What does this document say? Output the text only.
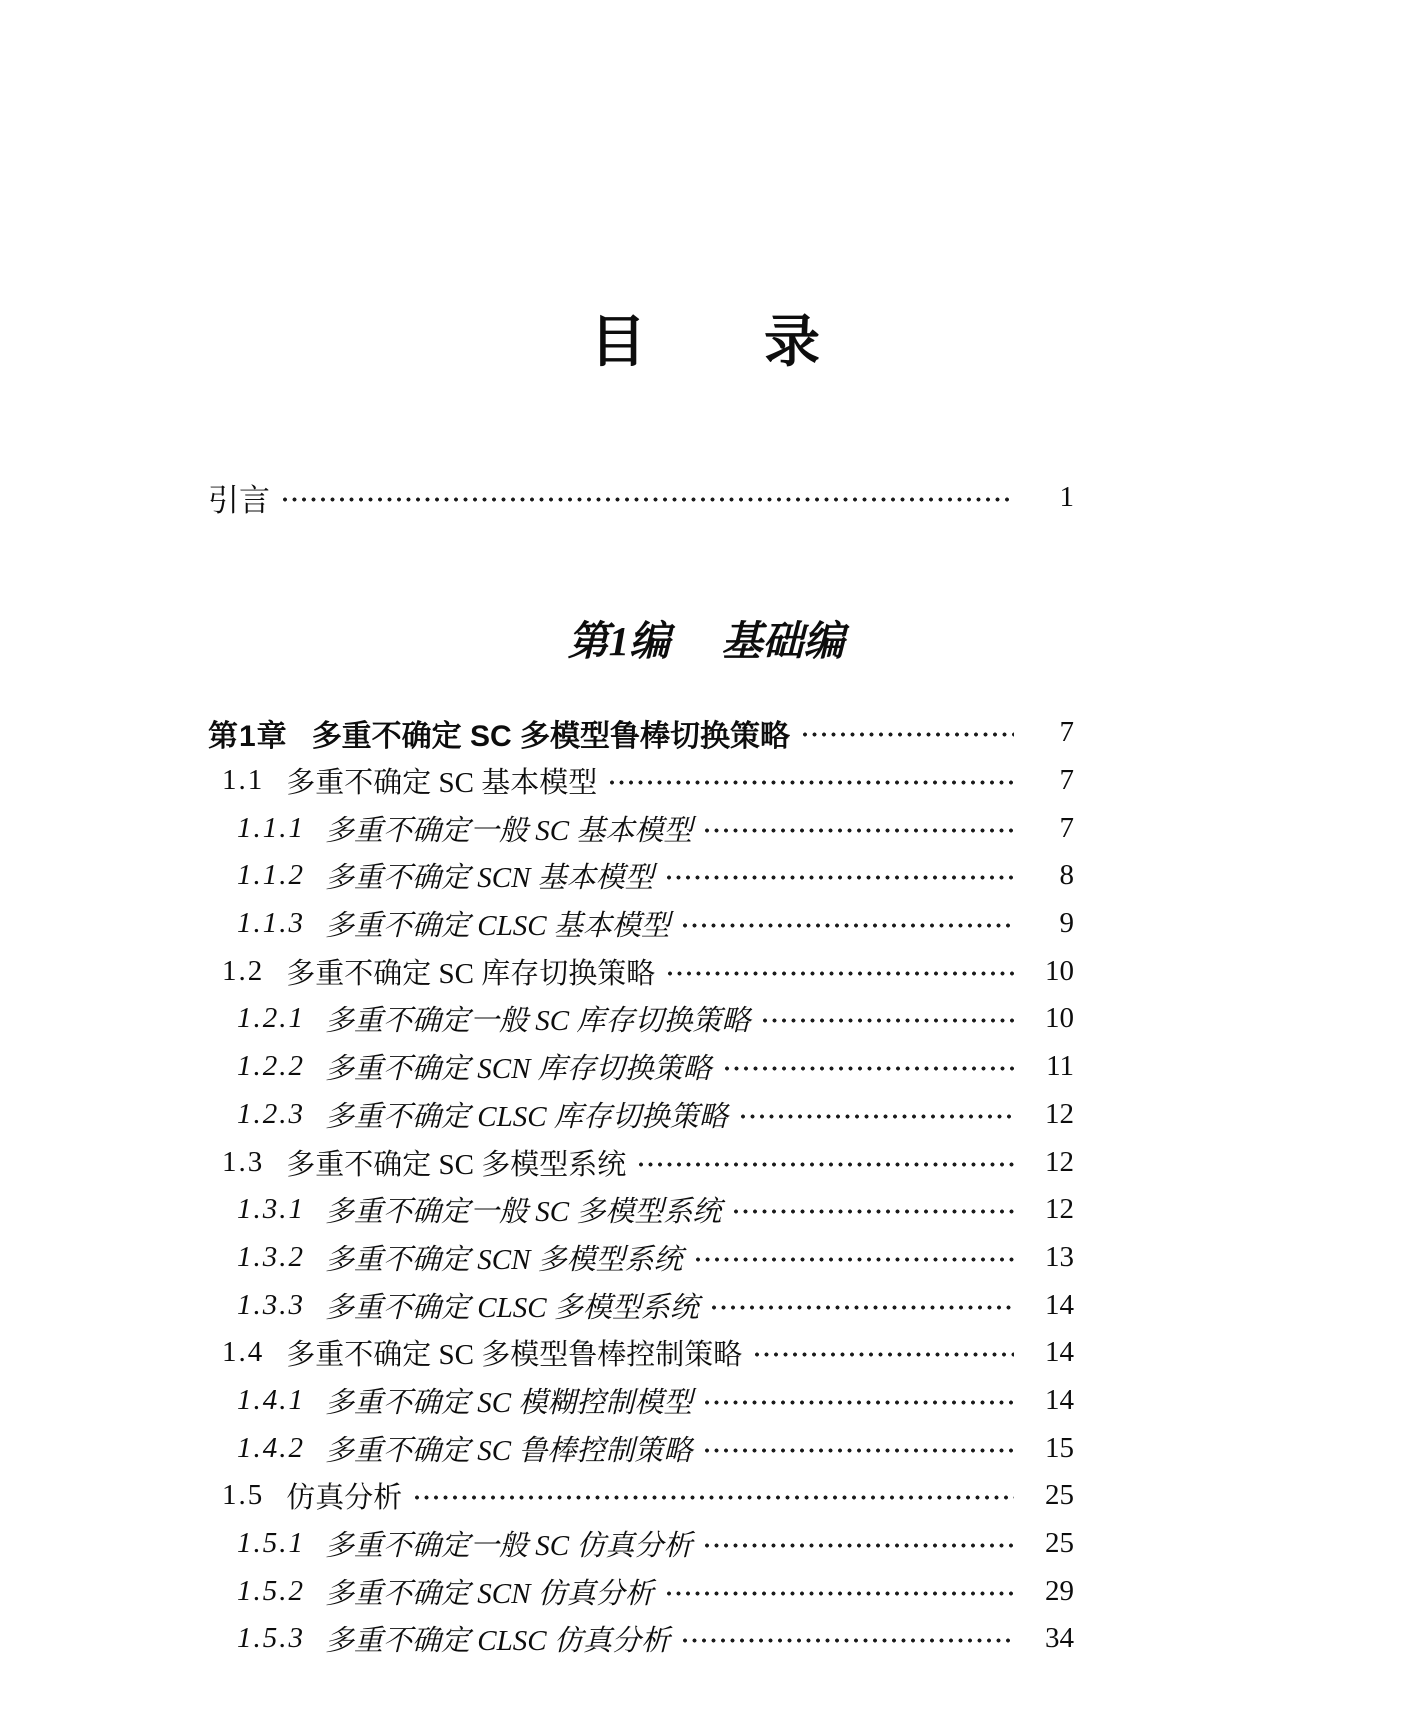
目　　录
引言	1
第1编　 基础编
第1章 多重不确定 SC 多模型鲁棒切换策略	7
1.1 多重不确定 SC 基本模型	7
1.1.1 多重不确定一般 SC 基本模型	7
1.1.2 多重不确定 SCN 基本模型	8
1.1.3 多重不确定 CLSC 基本模型	9
1.2 多重不确定 SC 库存切换策略	10
1.2.1 多重不确定一般 SC 库存切换策略	10
1.2.2 多重不确定 SCN 库存切换策略	11
1.2.3 多重不确定 CLSC 库存切换策略	12
1.3 多重不确定 SC 多模型系统	12
1.3.1 多重不确定一般 SC 多模型系统	12
1.3.2 多重不确定 SCN 多模型系统	13
1.3.3 多重不确定 CLSC 多模型系统	14
1.4 多重不确定 SC 多模型鲁棒控制策略	14
1.4.1 多重不确定 SC 模糊控制模型	14
1.4.2 多重不确定 SC 鲁棒控制策略	15
1.5 仿真分析	25
1.5.1 多重不确定一般 SC 仿真分析	25
1.5.2 多重不确定 SCN 仿真分析	29
1.5.3 多重不确定 CLSC 仿真分析	34
